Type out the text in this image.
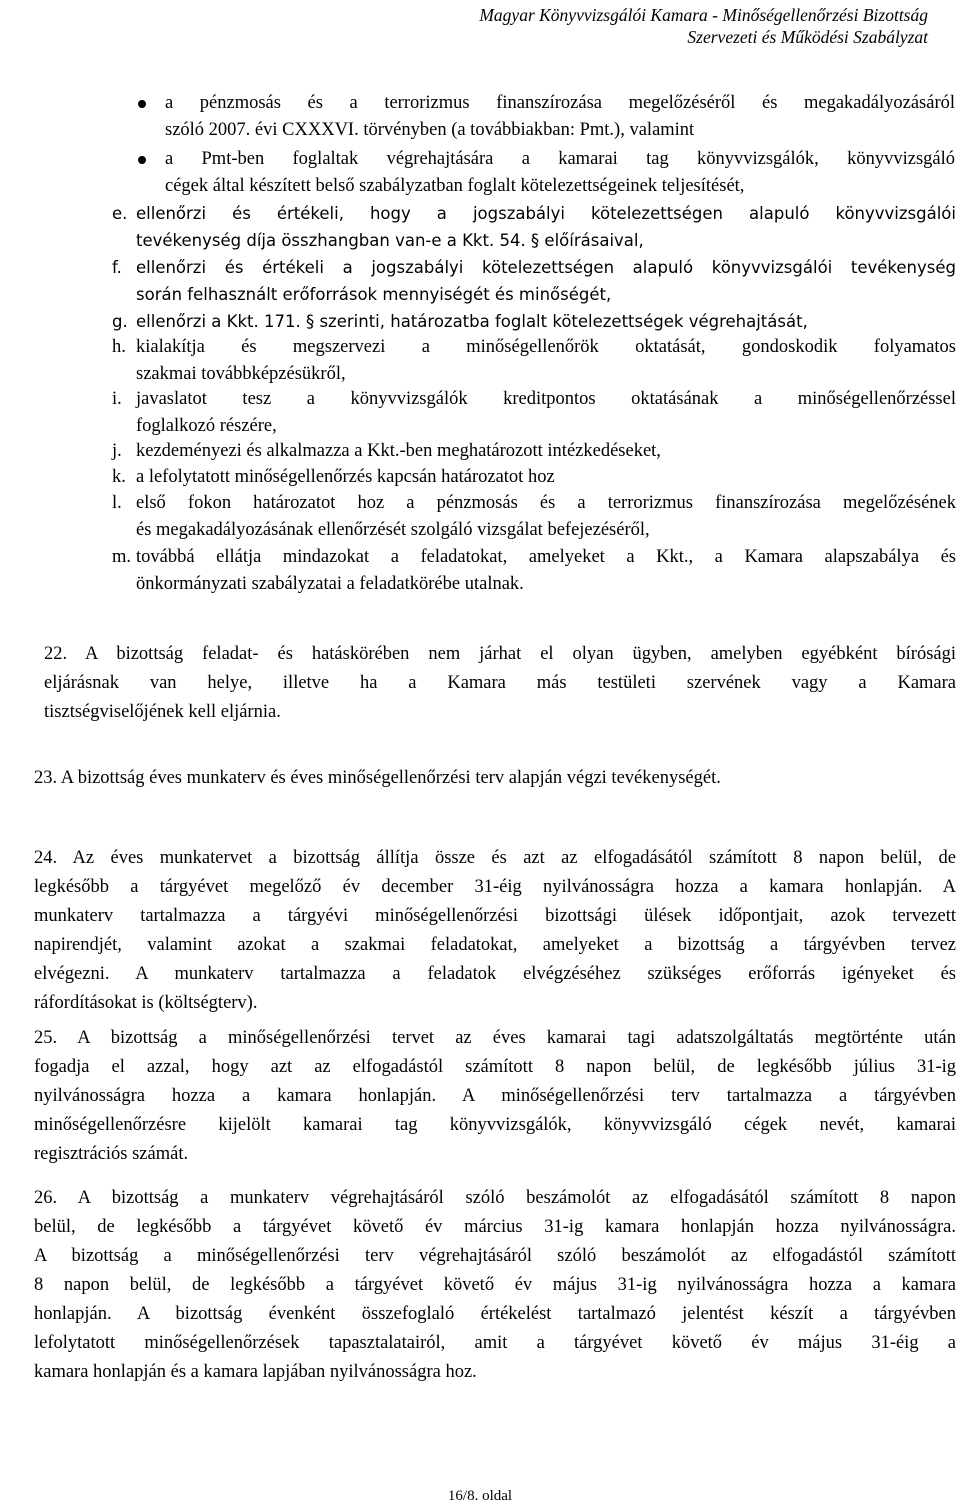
Magyar Könyvvizsgálói Kamara - Minőségellenőrzési Bizottság
Szervezeti és Működési Szabályzat
a pénzmosás és a terrorizmus finanszírozása megelőzéséről és megakadályozásáról
szóló 2007. évi CXXXVI. törvényben (a továbbiakban: Pmt.), valamint
a Pmt-ben foglaltak végrehajtására a kamarai tag könyvvizsgálók, könyvvizsgáló
cégek által készített belső szabályzatban foglalt kötelezettségeinek teljesítését,
e. ellenőrzi és értékeli, hogy a jogszabályi kötelezettségen alapuló könyvvizsgálói
tevékenység díja összhangban van-e a Kkt. 54. § előírásaival,
f. ellenőrzi és értékeli a jogszabályi kötelezettségen alapuló könyvvizsgálói tevékenység
során felhasznált erőforrások mennyiségét és minőségét,
g. ellenőrzi a Kkt. 171. § szerinti, határozatba foglalt kötelezettségek végrehajtását,
h. kialakítja és megszervezi a minőségellenőrök oktatását, gondoskodik folyamatos
szakmai továbbképzésükről,
i. javaslatot tesz a könyvvizsgálók kreditpontos oktatásának a minőségellenőrzéssel
foglalkozó részére,
j. kezdeményezi és alkalmazza a Kkt.-ben meghatározott intézkedéseket,
k. a lefolytatott minőségellenőrzés kapcsán határozatot hoz
l. első fokon határozatot hoz a pénzmosás és a terrorizmus finanszírozása megelőzésének
és megakadályozásának ellenőrzését szolgáló vizsgálat befejezéséről,
m. továbbá ellátja mindazokat a feladatokat, amelyeket a Kkt., a Kamara alapszabálya és
önkormányzati szabályzatai a feladatkörébe utalnak.
22. A bizottság feladat- és hatáskörében nem járhat el olyan ügyben, amelyben egyébként bírósági
eljárásnak van helye, illetve ha a Kamara más testületi szervének vagy a Kamara
tisztségviselőjének kell eljárnia.
23. A bizottság éves munkaterv és éves minőségellenőrzési terv alapján végzi tevékenységét.
24. Az éves munkatervet a bizottság állítja össze és azt az elfogadásától számított 8 napon belül, de
legkésőbb a tárgyévet megelőző év december 31-éig nyilvánosságra hozza a kamara honlapján. A
munkaterv tartalmazza a tárgyévi minőségellenőrzési bizottsági ülések időpontjait, azok tervezett
napirendjét, valamint azokat a szakmai feladatokat, amelyeket a bizottság a tárgyévben tervez
elvégezni. A munkaterv tartalmazza a feladatok elvégzéséhez szükséges erőforrás igényeket és
ráfordításokat is (költségterv).
25. A bizottság a minőségellenőrzési tervet az éves kamarai tagi adatszolgáltatás megtörténte után
fogadja el azzal, hogy azt az elfogadástól számított 8 napon belül, de legkésőbb július 31-ig
nyilvánosságra hozza a kamara honlapján. A minőségellenőrzési terv tartalmazza a tárgyévben
minőségellenőrzésre kijelölt kamarai tag könyvvizsgálók, könyvvizsgáló cégek nevét, kamarai
regisztrációs számát.
26. A bizottság a munkaterv végrehajtásáról szóló beszámolót az elfogadásától számított 8 napon
belül, de legkésőbb a tárgyévet követő év március 31-ig kamara honlapján hozza nyilvánosságra.
A bizottság a minőségellenőrzési terv végrehajtásáról szóló beszámolót az elfogadástól számított
8 napon belül, de legkésőbb a tárgyévet követő év május 31-ig nyilvánosságra hozza a kamara
honlapján. A bizottság évenként összefoglaló értékelést tartalmazó jelentést készít a tárgyévben
lefolytatott minőségellenőrzések tapasztalatairól, amit a tárgyévet követő év május 31-éig a
kamara honlapján és a kamara lapjában nyilvánosságra hoz.
16/8. oldal
